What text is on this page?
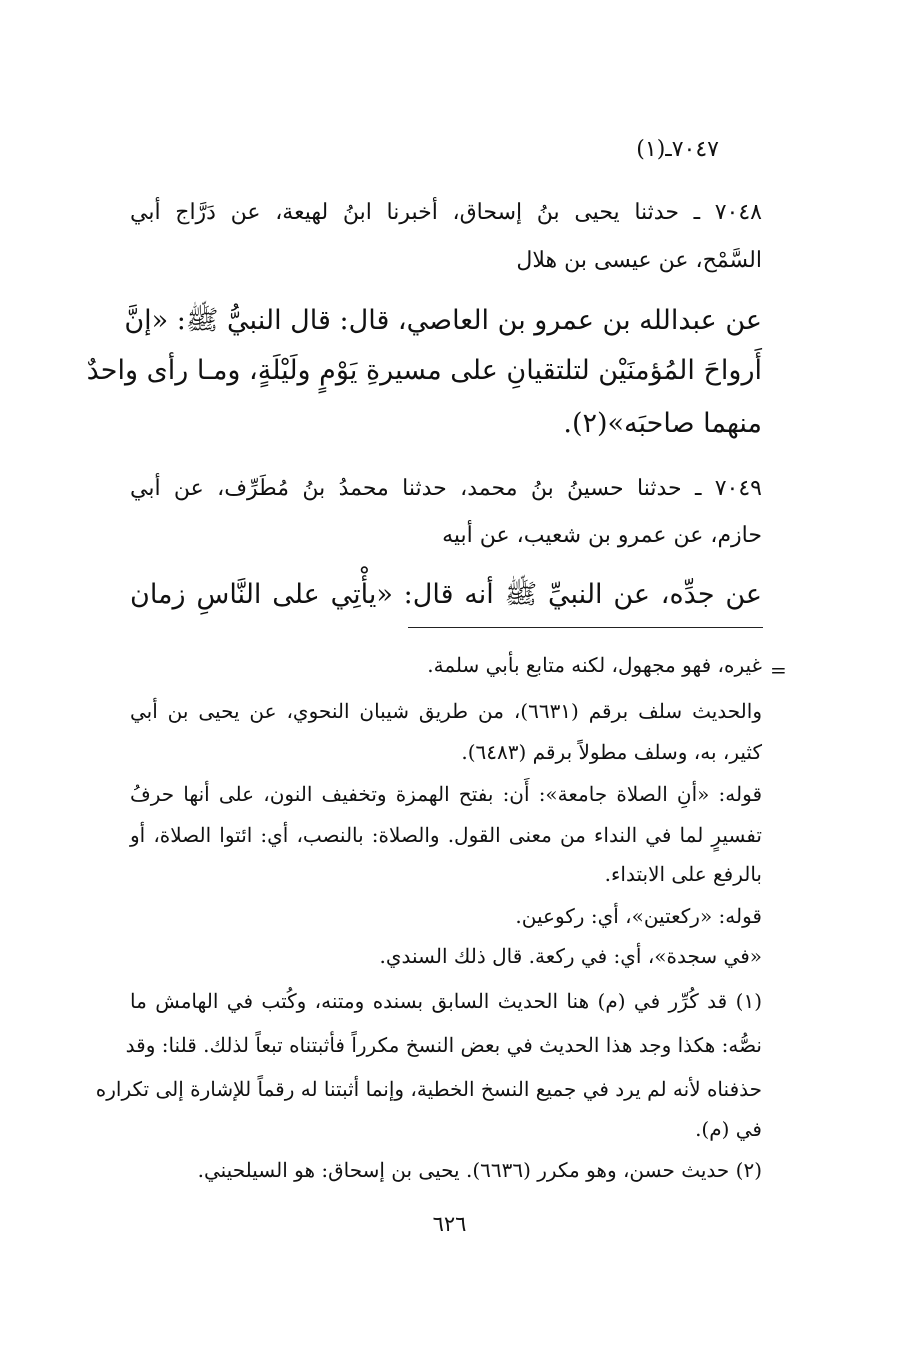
٧٠٤٧ـ(١)
٧٠٤٨ ـ حدثنا يحيى بنُ إسحاق، أخبرنا ابنُ لهيعة، عن دَرَّاج أبي
السَّمْح، عن عيسى بن هلال
عن عبدالله بن عمرو بن العاصي، قال: قال النبيُّ ﷺ: «إنَّ
أَرواحَ المُؤمنَيْن لتلتقيانِ على مسيرةِ يَوْمٍ ولَيْلَةٍ، ومـا رأى واحدٌ
منهما صاحبَه»(٢).
٧٠٤٩ ـ حدثنا حسينُ بنُ محمد، حدثنا محمدُ بنُ مُطَرِّف، عن أبي
حازم، عن عمرو بن شعيب، عن أبيه
عن جدِّه، عن النبيِّ ﷺ أنه قال: «يأْتِي على النَّاسِ زمان
=
غيره، فهو مجهول، لكنه متابع بأبي سلمة.
والحديث سلف برقم (٦٦٣١)، من طريق شيبان النحوي، عن يحيى بن أبي
كثير، به، وسلف مطولاً برقم (٦٤٨٣).
قوله: «أنِ الصلاة جامعة»: أَن: بفتح الهمزة وتخفيف النون، على أنها حرفُ
تفسيرٍ لما في النداء من معنى القول. والصلاة: بالنصب، أي: ائتوا الصلاة، أو
بالرفع على الابتداء.
قوله: «ركعتين»، أي: ركوعين.
«في سجدة»، أي: في ركعة. قال ذلك السندي.
(١) قد كُرِّر في (م) هنا الحديث السابق بسنده ومتنه، وكُتب في الهامش ما
نصُّه: هكذا وجد هذا الحديث في بعض النسخ مكرراً فأثبتناه تبعاً لذلك. قلنا: وقد
حذفناه لأنه لم يرد في جميع النسخ الخطية، وإنما أثبتنا له رقماً للإشارة إلى تكراره
في (م).
(٢) حديث حسن، وهو مكرر (٦٦٣٦). يحيى بن إسحاق: هو السيلحيني.
٦٢٦
